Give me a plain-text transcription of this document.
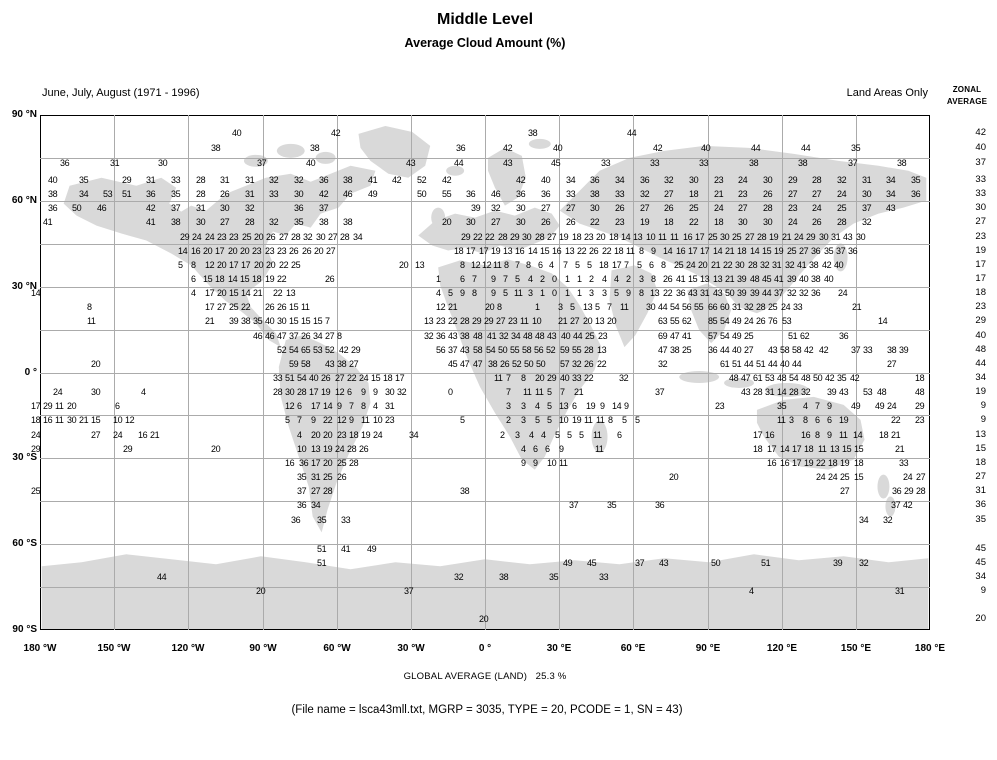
Middle Level
Average Cloud Amount (%)
June, July, August (1971 - 1996)	Land Areas Only	ZONAL
AVERAGE
90 °N
60 °N
30 °N
0 °
30 °S
60 °S
90 °S
180 °W	150 °W	120 °W	90 °W	60 °W	30 °W	0 °	30 °E	60 °E	90 °E	120 °E	150 °E	180 °E
40	42	38	44	42
38	38	36	42	40	42	40	44	44	35	40
36	31	30	37	40	43	44	43	45	33	33	33	38	38	37	38	37
40 35	29 31 33 28 31 31 32 32 36 38 41 42 52 42	42 40 34 36 34 36 32 30 23 24 30 29 28 32 31 34 35	33
38 34 53 51 36 35 28 26 31 33 30 42 46 49	50 55 36 46 36 36 33 38 33 32 27 18 21 23 26 27 27 24 30 34 36	33
36 50 46	42 37 31 30 32	36 37	39 32 30 27 27 30 26 27 26 25 24 27 28 23 24 25 37 43	30
41	41 38 30 27 28 32 35 38 38	20 30 27 30 26 26 22 23 19 18 22 18 30 30 24 26 28 32	27
29 24 24 23 23 25 20 26 27 28 32 30 27 28 34	29 22 22 28 29 30 28 27 19 18 23 20 18 14 13 10 11 11 16 17 25 30 25 27 28 19 21 24 29 30 31 43 30	23
14 16 20 17 20 20 23 23 23 26 26 20 27	18 17 17 19 13 16 14 15 16 13 22 26 22 18 11 8 9 14 16 17 17 14 21 18 14 15 19 25 27 36 35 37 36	19
5 8 12 20 17 17 20 20 22 25	20 13	8 12 12 11 8 7 8 6 4 7 5 5 18 17 7 5 6 8 25 24 20 21 22 30 28 32 31 32 41 38 42 40	17
6 15 18 14 15 18 19 22	26	1 6 7 9 7 5 4 2 0 1 1 2 4 4 2 3 8 26 41 15 13 13 21 39 48 45 41 39 40 38 40	17
14	4 17 20 15 14 21 22 13	4 5 9 8 9 5 11 3 1 0 1 1 3 3 5 9 8 13 22 36 43 31 43 50 39 39 44 37 32 32 36 24	18
8	17 27 25 22 26 26 15 11	12 21	20 8	1 3 5 13 5 7 11 30 44 54 56 55 66 60 31 32 28 25 24 33	21	23
11	21 39 38 35 40 30 15 15 15 7	13 23 22 28 29 29 27 23 11 10 21 27 20 13 20	63 55 62 85 54 49 24 26 76 53	14	29
46 46 47 37 26 34 27 8	32 36 43 38 48 41 32 34 48 48 43 40 44 25 23	69 47 41 57 54 49 25	51 62	36	40
52 54 65 53 52 42 29	56 37 43 58 54 50 55 58 56 52 59 55 28 13	47 38 25 36 44 40 27 43 58 58 42 42	37 33 38 39	48
20	59 58 43 38 27	45 47 47 38 26 52 50 50 57 32 26 22	32	61 51 44 51 44 40 44	27	44
33 51 54 40 26 27 22 24 15 18 17	11 7 8 20 29 40 33 22	32	48 47 61 53 48 54 48 50 42 35 42	18	34
24	30	4	28 30 28 17 19 12 6 9 9 30 32	0	7 11 11 5 7 21	37	43 28 31 14 28 32 39 43 53 48	48	19
17 29 11 20	6	12 6 17 14 9 7 8 4 31	3 3 4 5 13 6 19 9 14 9	23	35 4 7 9 49 49 24 29	9
18 16 11 30 21 15 10 12	5 7 9 22 12 9 11 10 23	5	2 3 5 5 10 19 11 11 8 5 5	11 3 8 6 6 19	22 23	9
24	27 24 16 21	4 20 20 23 18 19 24	34	2 3 4 4 5 5 5 11 6	17 16	16 8 9 11 14 18 21	13
29	29	20	10 13 19 24 28 26	4 6 6 9	11	18 17 14 17 18 11 13 15 15	21	15
16 36 17 20 25 28	9 9 10 11	16 16 17 19 22 18 19 18	33	18
35 31 25 26	20	24 24 25 15	24 27	27
25	37 27 28	38	27	36 29 28	31
36 34	37	35	36	37 42	36
36 35 33	34 32	35
51 41 49	45
51	49 45	37 43	50	51	39 32	45
44	32	38	35	33	34
20	37	4	31	9
20	20
GLOBAL AVERAGE (LAND) 25.3 %
(File name = lsca43mll.txt, MGRP = 3035, TYPE = 20, PCODE = 1, SN = 43)
